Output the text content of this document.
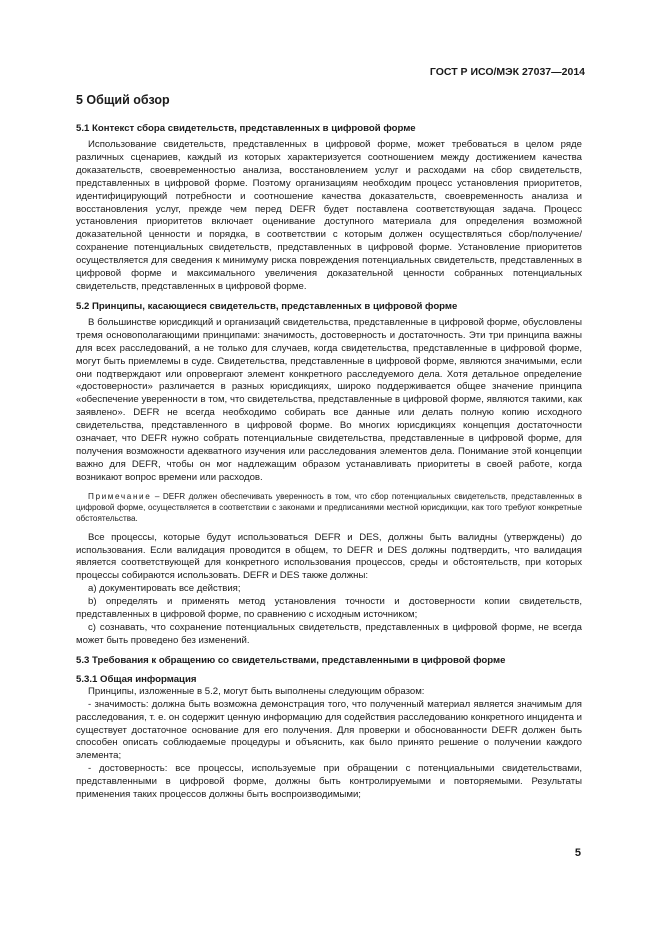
ГОСТ Р ИСО/МЭК 27037—2014
5 Общий обзор
5.1 Контекст сбора свидетельств, представленных в цифровой форме

Использование свидетельств, представленных в цифровой форме, может требоваться в целом ряде различных сценариев, каждый из которых характеризуется соотношением между достижением качества доказательств, своевременностью анализа, восстановлением услуг и расходами на сбор свидетельств, представленных в цифровой форме. Поэтому организациям необходим процесс установления приоритетов, идентифицирующий потребности и соотношение качества доказательств, своевременность анализа и восстановления услуг, прежде чем перед DEFR будет поставлена соответствующая задача. Процесс установления приоритетов включает оценивание доступного материала для определения возможной доказательной ценности и порядка, в соответствии с которым должен осуществляться сбор/получение/сохранение потенциальных свидетельств, представленных в цифровой форме. Установление приоритетов осуществляется для сведения к минимуму риска повреждения потенциальных свидетельств, представленных в цифровой форме и максимального увеличения доказательной ценности собранных потенциальных свидетельств, представленных в цифровой форме.

5.2 Принципы, касающиеся свидетельств, представленных в цифровой форме

В большинстве юрисдикций и организаций свидетельства, представленные в цифровой форме, обусловлены тремя основополагающими принципами: значимость, достоверность и достаточность. Эти три принципа важны для всех расследований, а не только для случаев, когда свидетельства, представленные в цифровой форме, могут быть приемлемы в суде. Свидетельства, представленные в цифровой форме, являются значимыми, если они подтверждают или опровергают элемент конкретного расследуемого дела. Хотя детальное определение «достоверности» различается в разных юрисдикциях, широко поддерживается общее значение принципа «обеспечение уверенности в том, что свидетельства, представленные в цифровой форме, являются такими, как заявлено». DEFR не всегда необходимо собирать все данные или делать полную копию исходного свидетельства, представленного в цифровой форме. Во многих юрисдикциях концепция достаточности означает, что DEFR нужно собрать потенциальные свидетельства, представленные в цифровой форме, для получения возможности адекватного изучения или расследования элементов дела. Понимание этой концепции важно для DEFR, чтобы он мог надлежащим образом устанавливать приоритеты в своей работе, когда возникают вопрос времени или расходов.

Примечание – DEFR должен обеспечивать уверенность в том, что сбор потенциальных свидетельств, представленных в цифровой форме, осуществляется в соответствии с законами и предписаниями местной юрисдикции, как того требуют конкретные обстоятельства.

Все процессы, которые будут использоваться DEFR и DES, должны быть валидны (утверждены) до использования. Если валидация проводится в общем, то DEFR и DES должны подтвердить, что валидация является соответствующей для конкретного использования процессов, среды и обстоятельств, при которых процессы собираются использовать. DEFR и DES также должны:

а) документировать все действия;
b) определять и применять метод установления точности и достоверности копии свидетельств, представленных в цифровой форме, по сравнению с исходным источником;
с) сознавать, что сохранение потенциальных свидетельств, представленных в цифровой форме, не всегда может быть проведено без изменений.
5.3 Требования к обращению со свидетельствами, представленными в цифровой форме
5.3.1 Общая информация

Принципы, изложенные в 5.2, могут быть выполнены следующим образом:

- значимость: должна быть возможна демонстрация того, что полученный материал является значимым для расследования, т. е. он содержит ценную информацию для содействия расследованию конкретного инцидента и существует достаточное основание для его получения. Для проверки и обоснованности DEFR должен быть способен описать соблюдаемые процедуры и объяснить, как было принято решение о получении каждого элемента;
- достоверность: все процессы, используемые при обращении с потенциальными свидетельствами, представленными в цифровой форме, должны быть контролируемыми и повторяемыми. Результаты применения таких процессов должны быть воспроизводимыми;
5
